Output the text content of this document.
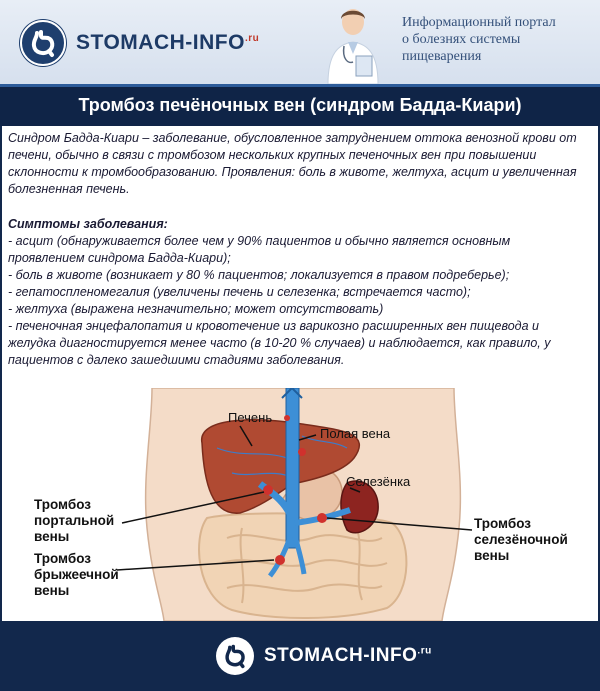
STOMACH-$INFO^{.ru}$
Информационный портал
о болезнях системы
пищеварения
Тромбоз печёночных вен (синдром Бадда-Киари)

Синдром Бадда-Киари – заболевание, обусловленное затруднением оттока венозной крови от печени, обычно в связи с тромбозом нескольких крупных печеночных вен при повышении склонности к тромбообразованию. Проявления: боль в животе, желтуха, асцит и увеличенная болезненная печень.

Симптомы заболевания:

- асцит (обнаруживается более чем у 90% пациентов и обычно является основным проявлением синдрома Бадда-Киари);

- боль в животе (возникает у 80 % пациентов; локализуется в правом подреберье);

- гепатоспленомегалия (увеличены печень и селезенка; встречается часто);

- желтуха (выражена незначительно; может отсутствовать)

- печеночная энцефалопатия и кровотечение из варикозно расширенных вен пищевода и желудка диагностируется менее часто (в 10-20 % случаев) и наблюдается, как правило, у пациентов с далеко зашедшими стадиями заболевания.

Печень
Полая вена
Селезёнка
Тромбоз
портальной
вены
Тромбоз
брыжеечной
вены
Тромбоз
селезёночной
вены
STOMACH-$INFO^{.ru}$
